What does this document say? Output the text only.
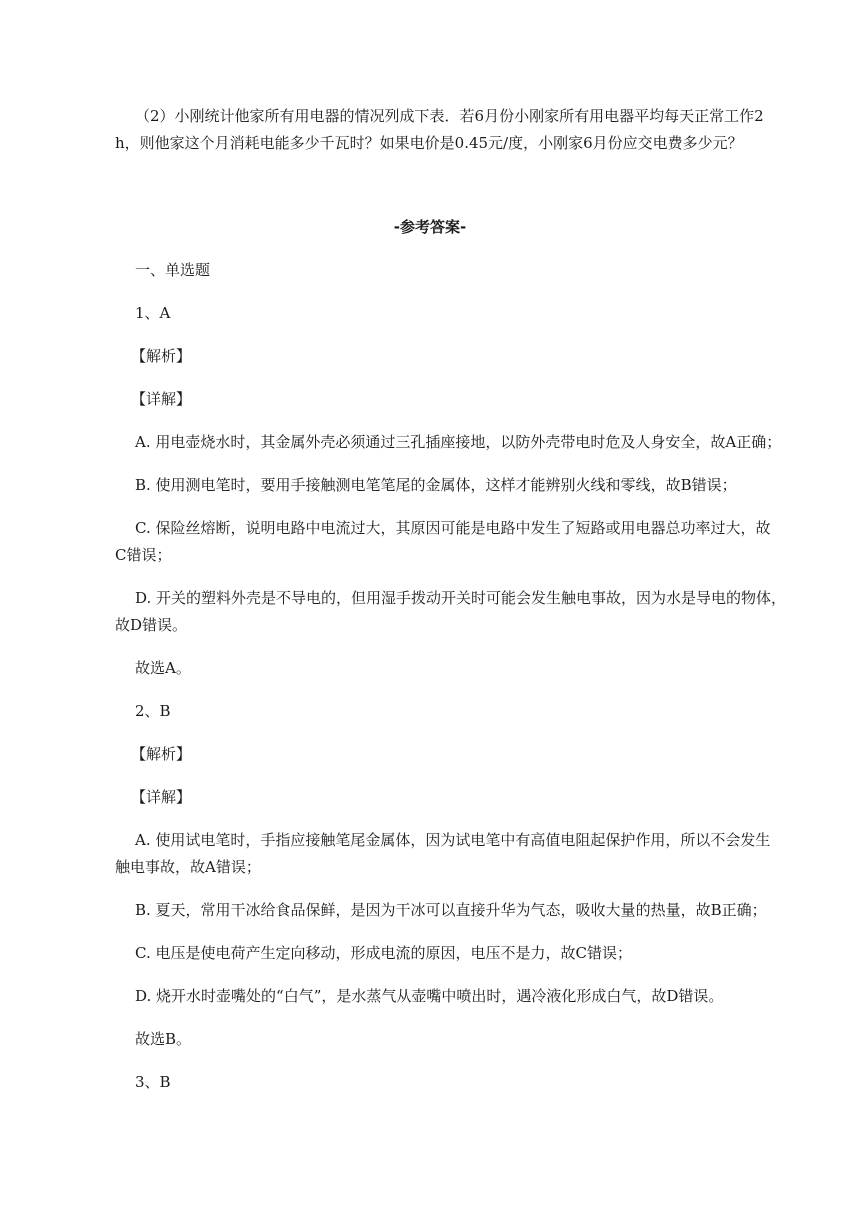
（2）小刚统计他家所有用电器的情况列成下表．若6月份小刚家所有用电器平均每天正常工作2

h，则他家这个月消耗电能多少千瓦时？如果电价是0.45元/度，小刚家6月份应交电费多少元？

-参考答案-

一、单选题

1、A

【解析】

【详解】

A. 用电壶烧水时，其金属外壳必须通过三孔插座接地，以防外壳带电时危及人身安全，故A正确；

B. 使用测电笔时，要用手接触测电笔笔尾的金属体，这样才能辨别火线和零线，故B错误；

C. 保险丝熔断，说明电路中电流过大，其原因可能是电路中发生了短路或用电器总功率过大，故

C错误；

D. 开关的塑料外壳是不导电的，但用湿手拨动开关时可能会发生触电事故，因为水是导电的物体，

故D错误。

故选A。

2、B

【解析】

【详解】

A. 使用试电笔时，手指应接触笔尾金属体，因为试电笔中有高值电阻起保护作用，所以不会发生

触电事故，故A错误；

B. 夏天，常用干冰给食品保鲜，是因为干冰可以直接升华为气态，吸收大量的热量，故B正确；

C. 电压是使电荷产生定向移动，形成电流的原因，电压不是力，故C错误；

D. 烧开水时壶嘴处的“白气”，是水蒸气从壶嘴中喷出时，遇冷液化形成白气，故D错误。

故选B。

3、B
